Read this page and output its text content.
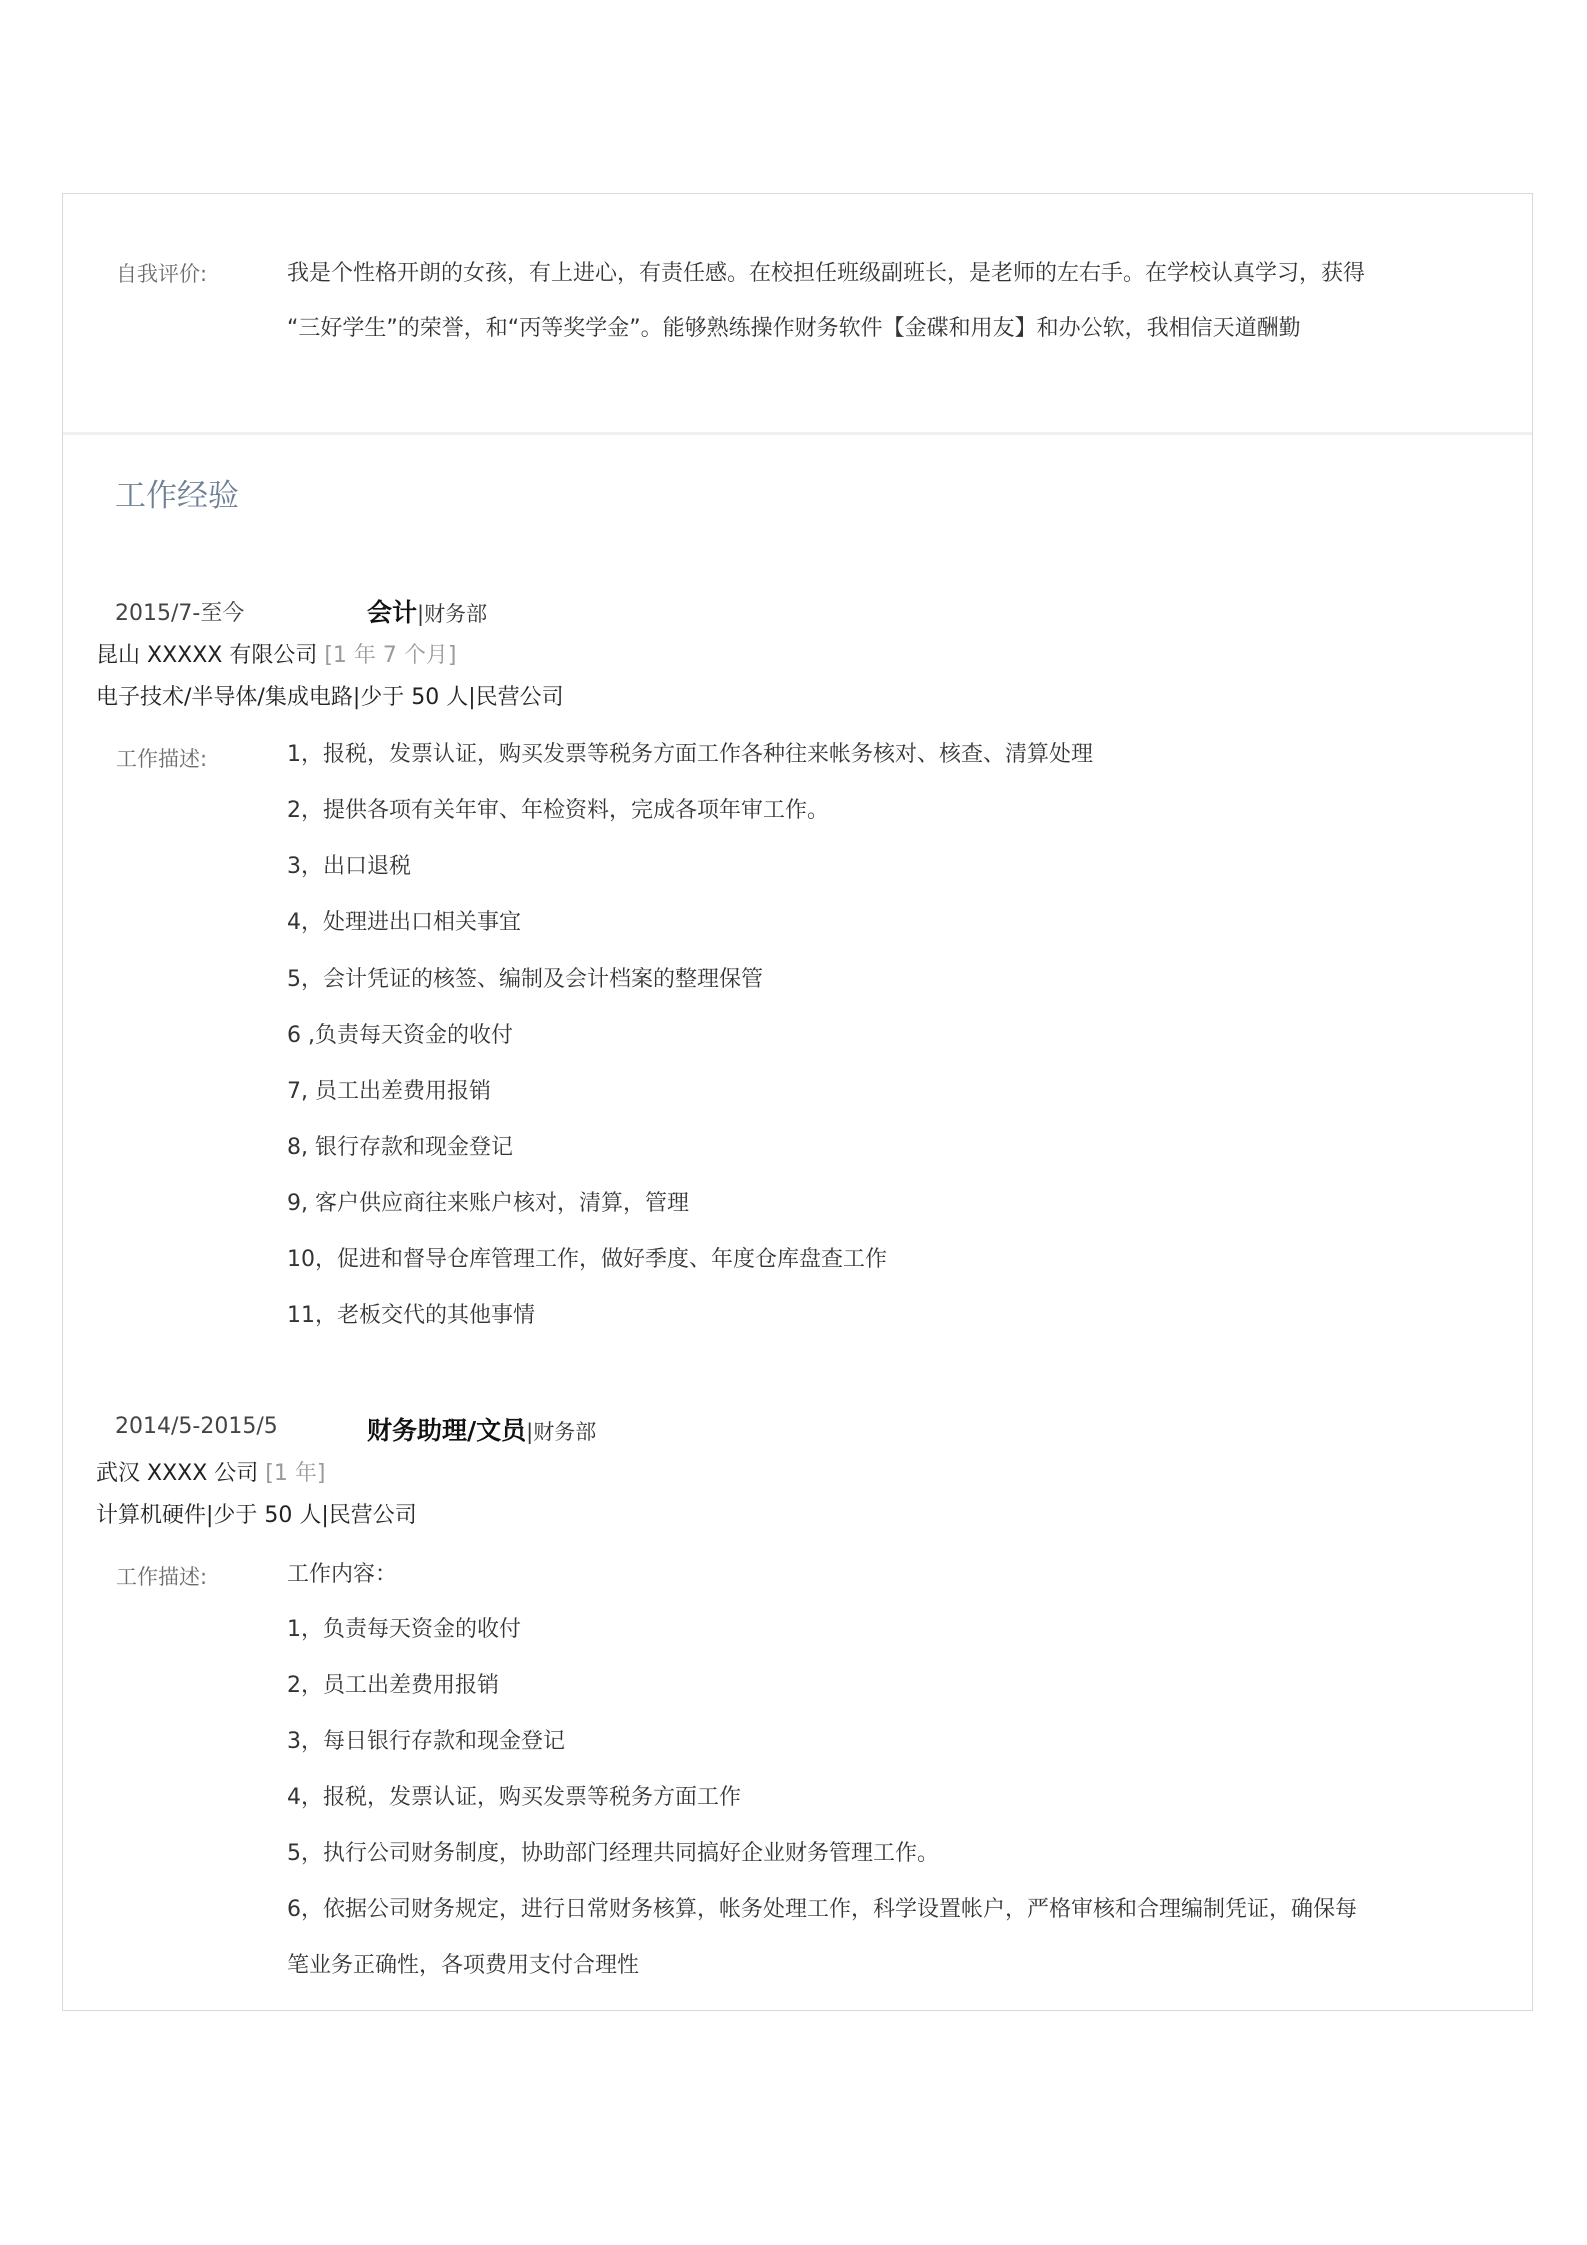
自我评价:	我是个性格开朗的女孩，有上进心，有责任感。在校担任班级副班长，是老师的左右手。在学校认真学习，获得
“三好学生”的荣誉，和“丙等奖学金”。能够熟练操作财务软件【金碟和用友】和办公软，我相信天道酬勤
工作经验
2015/7-至今	会计|财务部
昆山 XXXXX 有限公司 [1 年 7 个月]
电子技术/半导体/集成电路|少于 50 人|民营公司
工作描述:	1，报税，发票认证，购买发票等税务方面工作各种往来帐务核对、核查、清算处理
2，提供各项有关年审、年检资料，完成各项年审工作。
3，出口退税
4，处理进出口相关事宜
5，会计凭证的核签、编制及会计档案的整理保管
6 ,负责每天资金的收付
7, 员工出差费用报销
8, 银行存款和现金登记
9, 客户供应商往来账户核对，清算，管理
10，促进和督导仓库管理工作，做好季度、年度仓库盘查工作
11，老板交代的其他事情
2014/5-2015/5	财务助理/文员|财务部
武汉 XXXX 公司 [1 年]
计算机硬件|少于 50 人|民营公司
工作描述:	工作内容：
1，负责每天资金的收付
2，员工出差费用报销
3，每日银行存款和现金登记
4，报税，发票认证，购买发票等税务方面工作
5，执行公司财务制度，协助部门经理共同搞好企业财务管理工作。
6，依据公司财务规定，进行日常财务核算，帐务处理工作，科学设置帐户，严格审核和合理编制凭证，确保每
笔业务正确性，各项费用支付合理性
